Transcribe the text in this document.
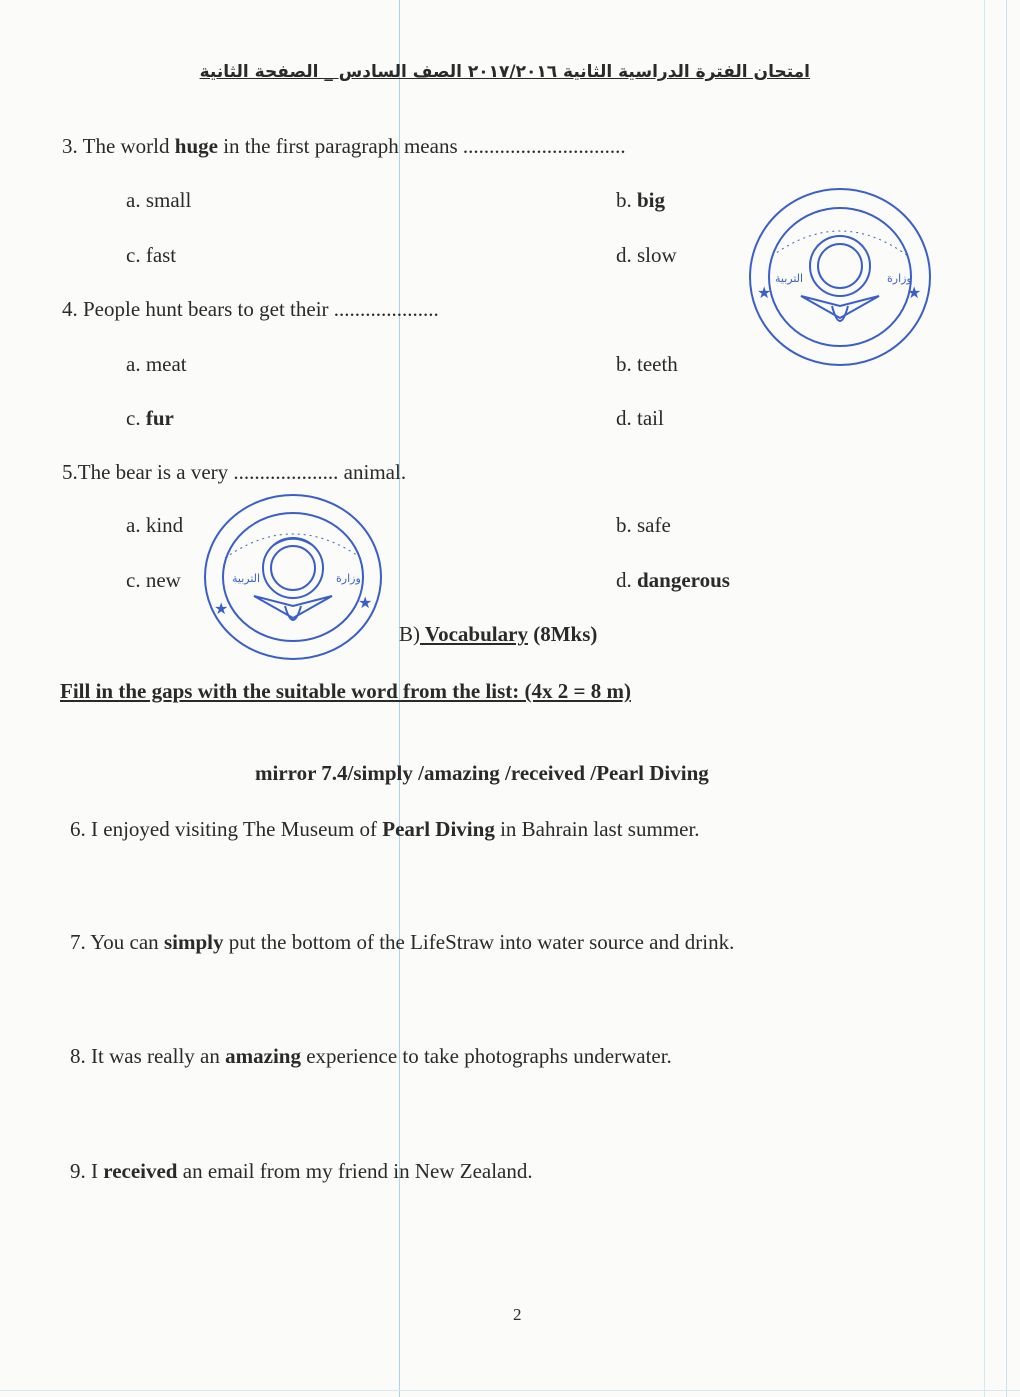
امتحان الفترة الدراسية الثانية ٢٠١٧/٢٠١٦ الصف السادس _ الصفحة الثانية
3. The world huge in the first paragraph means ...............................
a. small	b. big
c. fast	d. slow
4. People hunt bears to get their ....................
a. meat	b. teeth
c. fur	d. tail
5.The bear is a very .................... animal.
a. kind	b. safe
c. new	d. dangerous
B) Vocabulary (8Mks)
Fill in the gaps with the suitable word from the list: (4x 2 = 8 m)
mirror 7.4/simply /amazing /received /Pearl Diving
6. I enjoyed visiting The Museum of Pearl Diving in Bahrain last summer.
7. You can simply put the bottom of the LifeStraw into water source and drink.
8. It was really an amazing experience to take photographs underwater.
9. I received an email from my friend in New Zealand.
2
التربية	وزارة
★	★
التربية	وزارة
★	★
